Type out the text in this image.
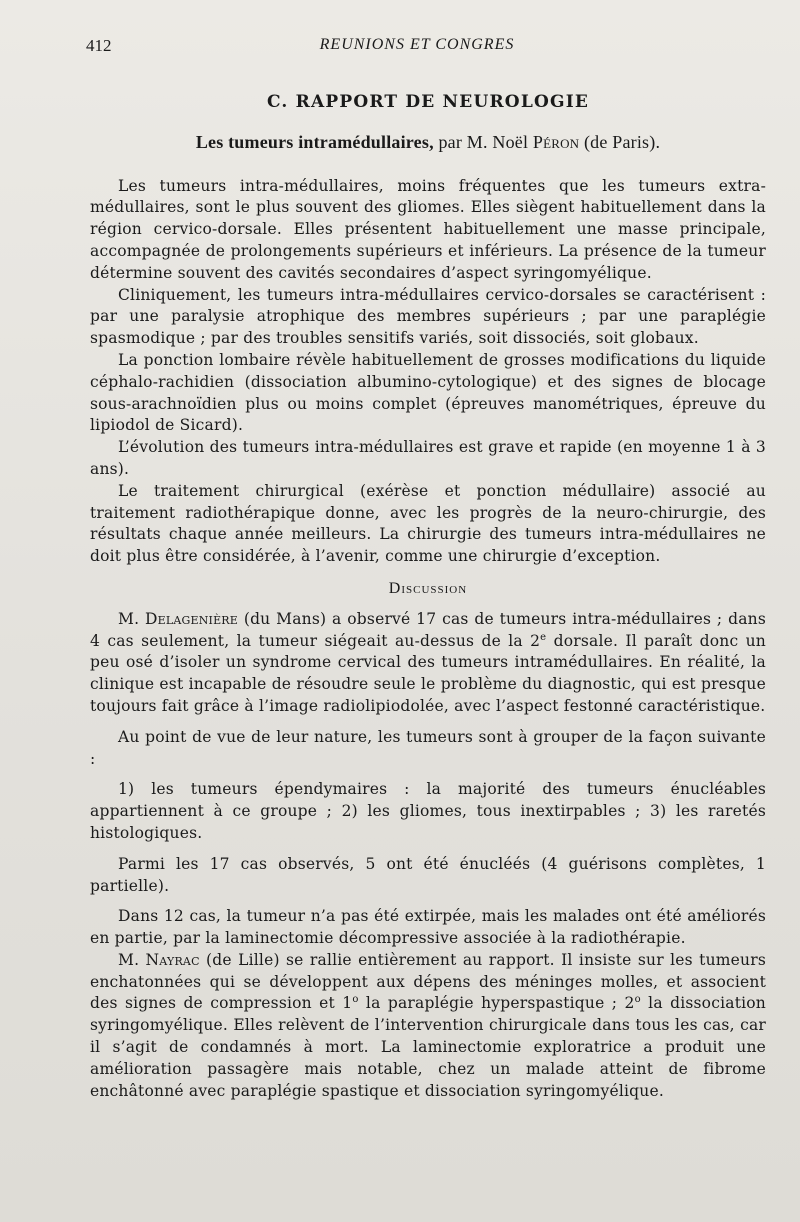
412	REUNIONS ET CONGRES
C. RAPPORT DE NEUROLOGIE
Les tumeurs intramédullaires, par M. Noël Péron (de Paris).

Les tumeurs intra-médullaires, moins fréquentes que les tumeurs extra-médullaires, sont le plus souvent des gliomes. Elles siègent habituellement dans la région cervico-dorsale. Elles présentent habituellement une masse principale, accompagnée de prolongements supérieurs et inférieurs. La présence de la tumeur détermine souvent des cavités secondaires d’aspect syringomyélique.

Cliniquement, les tumeurs intra-médullaires cervico-dorsales se caractérisent : par une paralysie atrophique des membres supérieurs ; par une paraplégie spasmodique ; par des troubles sensitifs variés, soit dissociés, soit globaux.

La ponction lombaire révèle habituellement de grosses modifications du liquide céphalo-rachidien (dissociation albumino-cytologique) et des signes de blocage sous-arachnoïdien plus ou moins complet (épreuves manométriques, épreuve du lipiodol de Sicard).

L’évolution des tumeurs intra-médullaires est grave et rapide (en moyenne 1 à 3 ans).

Le traitement chirurgical (exérèse et ponction médullaire) associé au traitement radiothérapique donne, avec les progrès de la neuro-chirurgie, des résultats chaque année meilleurs. La chirurgie des tumeurs intra-médullaires ne doit plus être considérée, à l’avenir, comme une chirurgie d’exception.

Discussion

M. Delagenière (du Mans) a observé 17 cas de tumeurs intra-médullaires ; dans 4 cas seulement, la tumeur siégeait au-dessus de la 2e dorsale. Il paraît donc un peu osé d’isoler un syndrome cervical des tumeurs intramédullaires. En réalité, la clinique est incapable de résoudre seule le problème du diagnostic, qui est presque toujours fait grâce à l’image radiolipiodolée, avec l’aspect festonné caractéristique.

Au point de vue de leur nature, les tumeurs sont à grouper de la façon suivante :

1) les tumeurs épendymaires : la majorité des tumeurs énucléables appartiennent à ce groupe ; 2) les gliomes, tous inextirpables ; 3) les raretés histologiques.

Parmi les 17 cas observés, 5 ont été énucléés (4 guérisons complètes, 1 partielle).

Dans 12 cas, la tumeur n’a pas été extirpée, mais les malades ont été améliorés en partie, par la laminectomie décompressive associée à la radiothérapie.

M. Nayrac (de Lille) se rallie entièrement au rapport. Il insiste sur les tumeurs enchatonnées qui se développent aux dépens des méninges molles, et associent des signes de compression et 1$^o$ la paraplégie hyperspastique ; 2$^o$ la dissociation syringomyélique. Elles relèvent de l’intervention chirurgicale dans tous les cas, car il s’agit de condamnés à mort. La laminectomie exploratrice a produit une amélioration passagère mais notable, chez un malade atteint de fibrome enchâtonné avec paraplégie spastique et dissociation syringomyélique.
